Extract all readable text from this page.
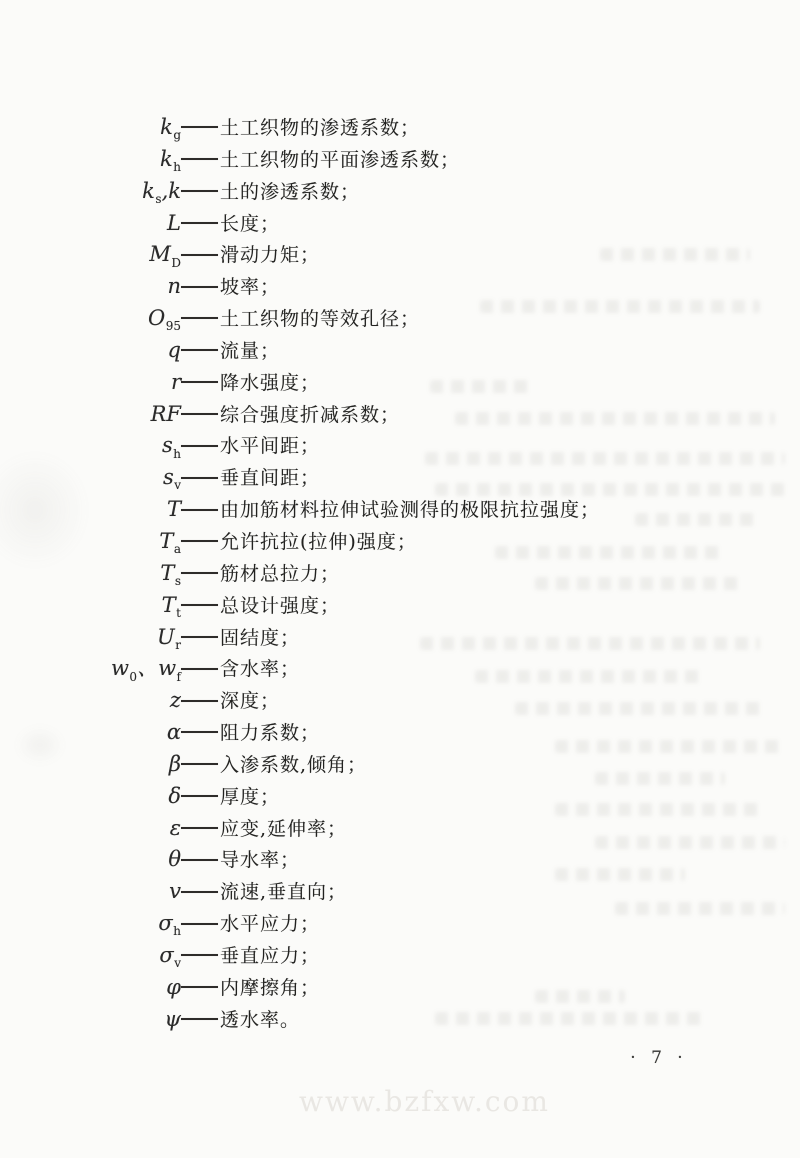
$k_g$ 土工织物的渗透系数；
$k_h$ 土工织物的平面渗透系数；
$k_s,k$ 土的渗透系数；
L 长度；
$M_D$ 滑动力矩；
n 坡率；
$O_{95}$ 土工织物的等效孔径；
q 流量；
r 降水强度；
RF 综合强度折减系数；
$s_h$ 水平间距；
$s_v$ 垂直间距；
T 由加筋材料拉伸试验测得的极限抗拉强度；
$T_a$ 允许抗拉(拉伸)强度；
$T_s$ 筋材总拉力；
$T_t$ 总设计强度；
$U_r$ 固结度；
$w_0$、$w_f$ 含水率；
z 深度；
α 阻力系数；
β 入渗系数,倾角；
δ 厚度；
ε 应变,延伸率；
θ 导水率；
v 流速,垂直向；
$\sigma_h$ 水平应力；
$\sigma_v$ 垂直应力；
φ 内摩擦角；
ψ 透水率。
· 7 ·
www.bzfxw.com
